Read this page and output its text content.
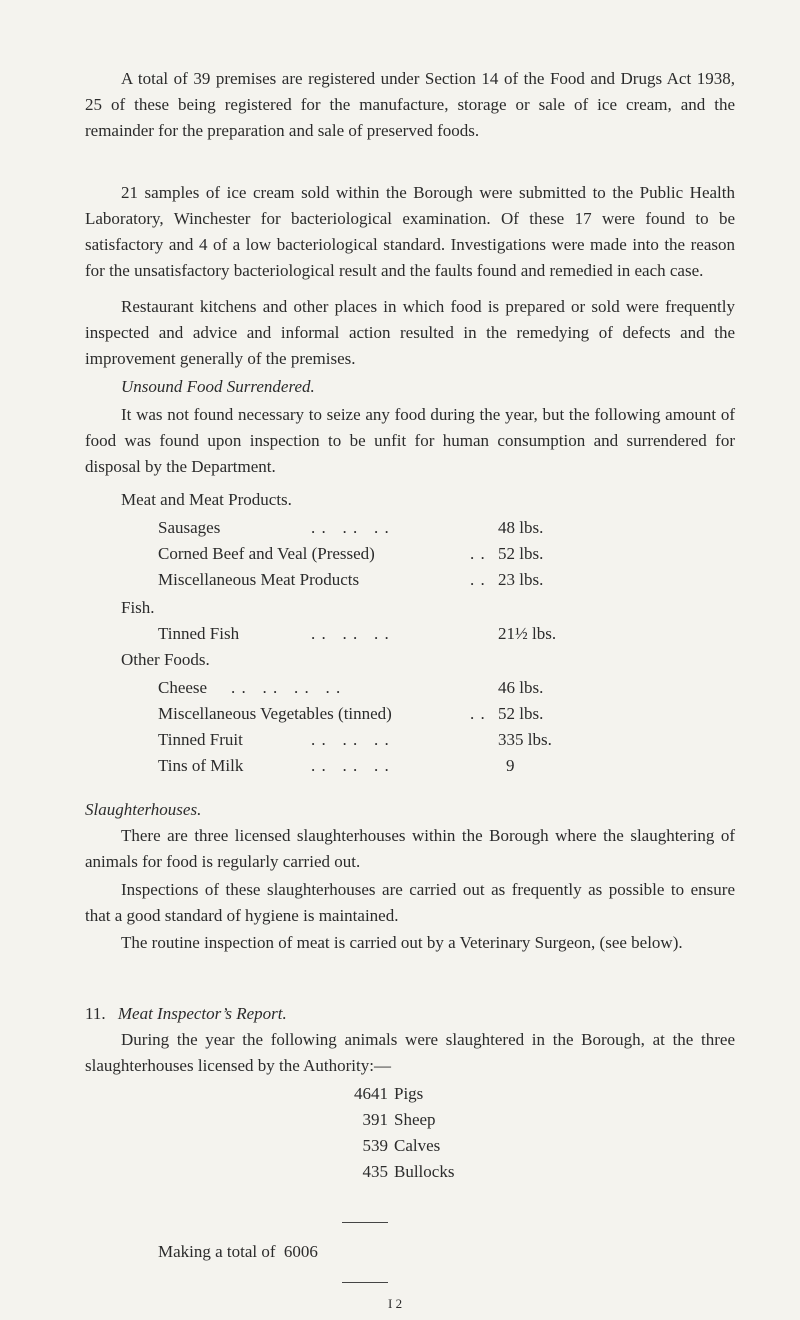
A total of 39 premises are registered under Section 14 of the Food and Drugs Act 1938, 25 of these being registered for the manufacture, storage or sale of ice cream, and the remainder for the preparation and sale of preserved foods.

21 samples of ice cream sold within the Borough were submitted to the Public Health Laboratory, Winchester for bacteriological examination. Of these 17 were found to be satisfactory and 4 of a low bacteriological standard. Investigations were made into the reason for the unsatisfactory bacteriological result and the faults found and remedied in each case.

Restaurant kitchens and other places in which food is prepared or sold were frequently inspected and advice and informal action resulted in the remedying of defects and the improvement generally of the premises.

Unsound Food Surrendered.

It was not found necessary to seize any food during the year, but the following amount of food was found upon inspection to be unfit for human consumption and surrendered for disposal by the Department.

Meat and Meat Products.
Sausages	. .   . .   . .	48 lbs.
Corned Beef and Veal (Pressed)	. . 52 lbs.
Miscellaneous Meat Products	. . 23 lbs.
Fish.
Tinned Fish	. .   . .   . .	21½ lbs.
Other Foods.
Cheese . .   . .   . .   . .	46 lbs.
Miscellaneous Vegetables (tinned)	. . 52 lbs.
Tinned Fruit	. .   . .   . .	335 lbs.
Tins of Milk	. .   . .   . .	9
Slaughterhouses.

There are three licensed slaughterhouses within the Borough where the slaughtering of animals for food is regularly carried out.

Inspections of these slaughterhouses are carried out as frequently as possible to ensure that a good standard of hygiene is maintained.

The routine inspection of meat is carried out by a Veterinary Surgeon, (see below).

11. Meat Inspector’s Report.

During the year the following animals were slaughtered in the Borough, at the three slaughterhouses licensed by the Authority:—

4641 Pigs
391 Sheep
539 Calves
435 Bullocks
Making a total of 6006
I 2
